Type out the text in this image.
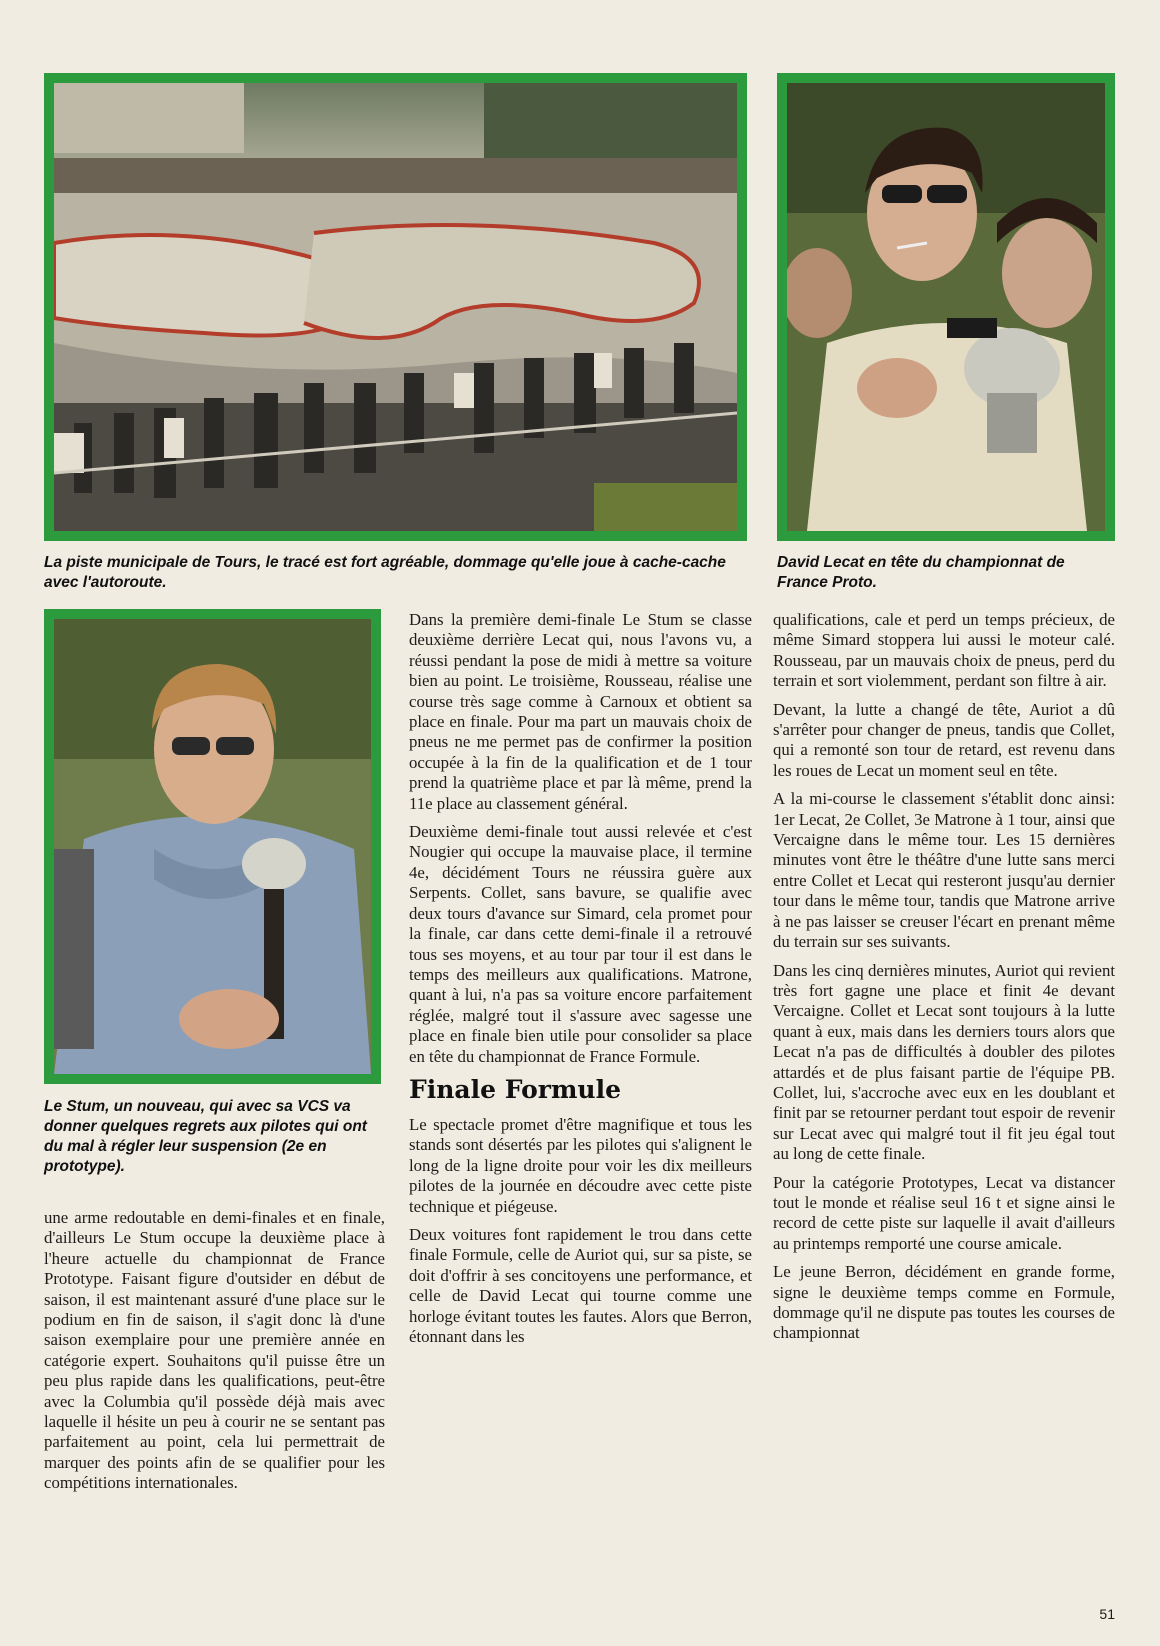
La piste municipale de Tours, le tracé est fort agréable, dommage qu'elle joue à cache-cache avec l'autoroute.
David Lecat en tête du championnat de France Proto.
Le Stum, un nouveau, qui avec sa VCS va donner quelques regrets aux pilotes qui ont du mal à régler leur suspension (2e en prototype).

une arme redoutable en demi-finales et en finale, d'ailleurs Le Stum occupe la deuxième place à l'heure actuelle du championnat de France Prototype. Faisant figure d'outsider en début de saison, il est maintenant assuré d'une place sur le podium en fin de saison, il s'agit donc là d'une saison exemplaire pour une première année en catégorie expert. Souhaitons qu'il puisse être un peu plus rapide dans les qualifications, peut-être avec la Columbia qu'il possède déjà mais avec laquelle il hésite un peu à courir ne se sentant pas parfaitement au point, cela lui permettrait de marquer des points afin de se qualifier pour les compétitions internationales.

Dans la première demi-finale Le Stum se classe deuxième derrière Lecat qui, nous l'avons vu, a réussi pendant la pose de midi à mettre sa voiture bien au point. Le troisième, Rousseau, réalise une course très sage comme à Carnoux et obtient sa place en finale. Pour ma part un mauvais choix de pneus ne me permet pas de confirmer la position occupée à la fin de la qualification et de 1 tour prend la quatrième place et par là même, prend la 11e place au classement général.

Deuxième demi-finale tout aussi relevée et c'est Nougier qui occupe la mauvaise place, il termine 4e, décidément Tours ne réussira guère aux Serpents. Collet, sans bavure, se qualifie avec deux tours d'avance sur Simard, cela promet pour la finale, car dans cette demi-finale il a retrouvé tous ses moyens, et au tour par tour il est dans le temps des meilleurs aux qualifications. Matrone, quant à lui, n'a pas sa voiture encore parfaitement réglée, malgré tout il s'assure avec sagesse une place en finale bien utile pour consolider sa place en tête du championnat de France Formule.

Finale Formule

Le spectacle promet d'être magnifique et tous les stands sont désertés par les pilotes qui s'alignent le long de la ligne droite pour voir les dix meilleurs pilotes de la journée en découdre avec cette piste technique et piégeuse.

Deux voitures font rapidement le trou dans cette finale Formule, celle de Auriot qui, sur sa piste, se doit d'offrir à ses concitoyens une performance, et celle de David Lecat qui tourne comme une horloge évitant toutes les fautes. Alors que Berron, étonnant dans les

qualifications, cale et perd un temps précieux, de même Simard stoppera lui aussi le moteur calé. Rousseau, par un mauvais choix de pneus, perd du terrain et sort violemment, perdant son filtre à air.

Devant, la lutte a changé de tête, Auriot a dû s'arrêter pour changer de pneus, tandis que Collet, qui a remonté son tour de retard, est revenu dans les roues de Lecat un moment seul en tête.

A la mi-course le classement s'établit donc ainsi: 1er Lecat, 2e Collet, 3e Matrone à 1 tour, ainsi que Vercaigne dans le même tour. Les 15 dernières minutes vont être le théâtre d'une lutte sans merci entre Collet et Lecat qui resteront jusqu'au dernier tour dans le même tour, tandis que Matrone arrive à ne pas laisser se creuser l'écart en prenant même du terrain sur ses suivants.

Dans les cinq dernières minutes, Auriot qui revient très fort gagne une place et finit 4e devant Vercaigne. Collet et Lecat sont toujours à la lutte quant à eux, mais dans les derniers tours alors que Lecat n'a pas de difficultés à doubler des pilotes attardés et de plus faisant partie de l'équipe PB. Collet, lui, s'accroche avec eux en les doublant et finit par se retourner perdant tout espoir de revenir sur Lecat avec qui malgré tout il fit jeu égal tout au long de cette finale.

Pour la catégorie Prototypes, Lecat va distancer tout le monde et réalise seul 16 t et signe ainsi le record de cette piste sur laquelle il avait d'ailleurs au printemps remporté une course amicale.

Le jeune Berron, décidément en grande forme, signe le deuxième temps comme en Formule, dommage qu'il ne dispute pas toutes les courses de championnat

51
